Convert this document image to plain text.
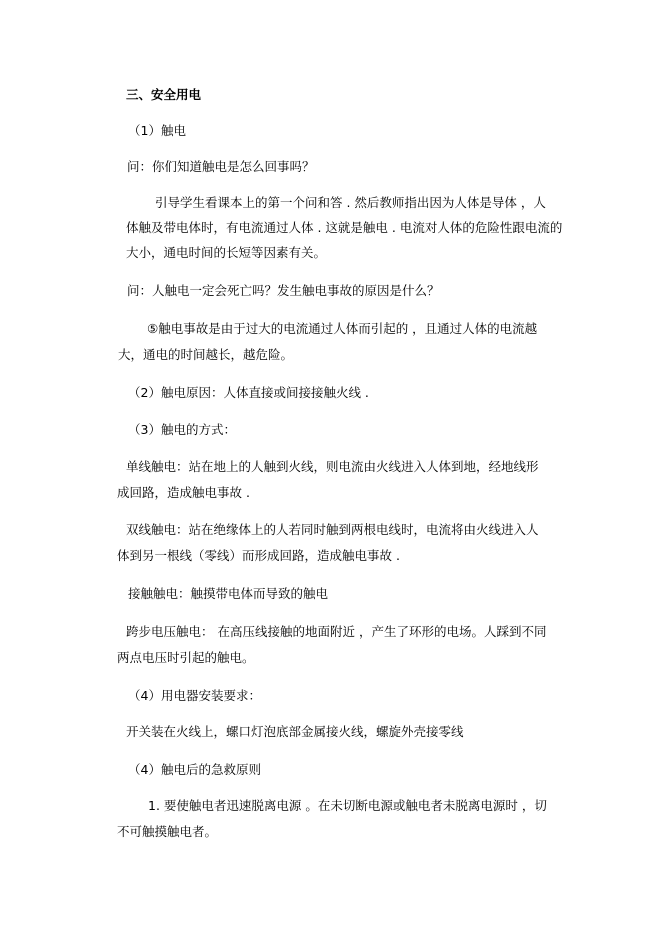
三、安全用电
（1）触电
问：你们知道触电是怎么回事吗？
引导学生看课本上的第一个问和答 . 然后教师指出因为人体是导体 ，人
体触及带电体时，有电流通过人体 . 这就是触电 . 电流对人体的危险性跟电流的
大小，通电时间的长短等因素有关。
问：人触电一定会死亡吗？发生触电事故的原因是什么？
⑤触电事故是由于过大的电流通过人体而引起的 ，且通过人体的电流越
大，通电的时间越长，越危险。
（2）触电原因：人体直接或间接接触火线 .
（3）触电的方式：
单线触电：站在地上的人触到火线，则电流由火线进入人体到地，经地线形
成回路，造成触电事故 .
双线触电：站在绝缘体上的人若同时触到两根电线时，电流将由火线进入人
体到另一根线（零线）而形成回路，造成触电事故 .
接触触电：触摸带电体而导致的触电
跨步电压触电： 在高压线接触的地面附近 ，产生了环形的电场。人踩到不同
两点电压时引起的触电。
（4）用电器安装要求：
开关装在火线上，螺口灯泡底部金属接火线，螺旋外壳接零线
（4）触电后的急救原则
1. 要使触电者迅速脱离电源 。在未切断电源或触电者未脱离电源时 ，切
不可触摸触电者。
